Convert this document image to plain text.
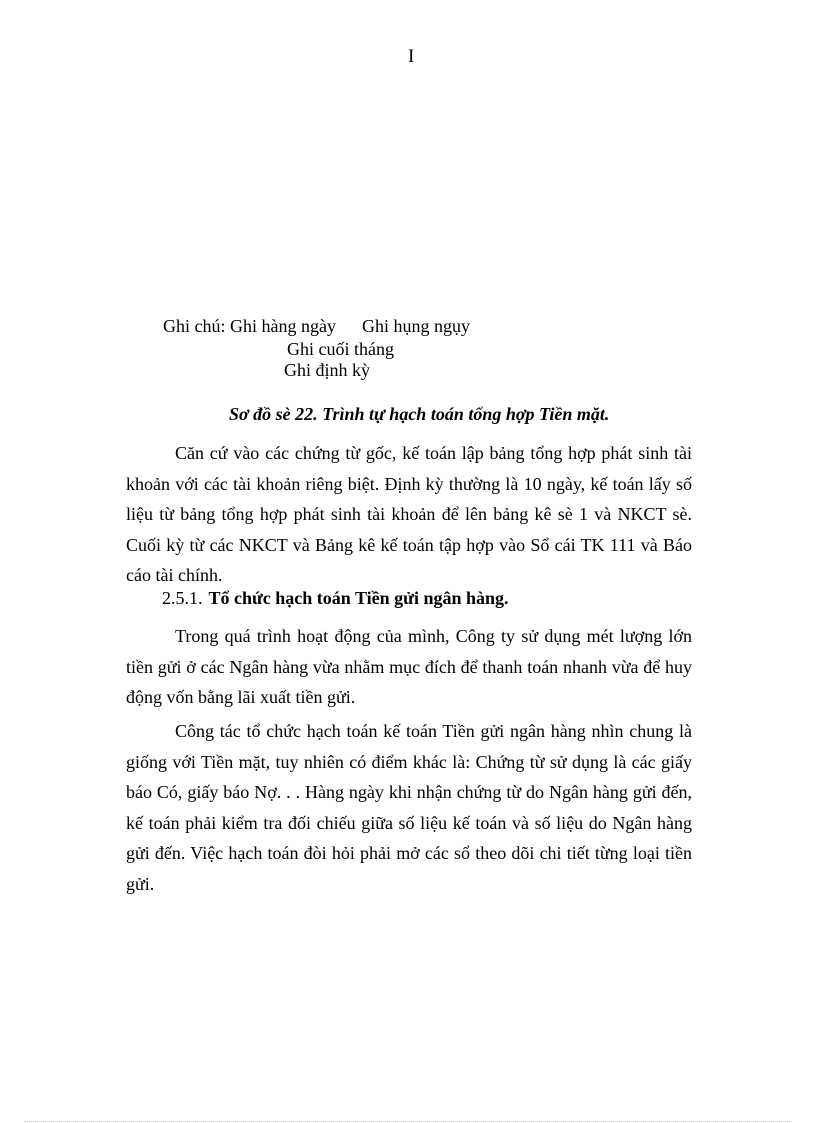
I
Ghi chú: Ghi hàng ngày Ghi hụng ngụy
Ghi cuối tháng
Ghi định kỳ
Sơ đồ sè 22. Trình tự hạch toán tổng hợp Tiền mặt.

Căn cứ vào các chứng từ gốc, kế toán lập bảng tổng hợp phát sinh tài khoản với các tài khoản riêng biệt. Định kỳ thường là 10 ngày, kế toán lấy số liệu từ bảng tổng hợp phát sinh tài khoản để lên bảng kê sè 1 và NKCT sè. Cuối kỳ từ các NKCT và Bảng kê kế toán tập hợp vào Sổ cái TK 111 và Báo cáo tài chính.

2.5.1. Tổ chức hạch toán Tiền gửi ngân hàng.

Trong quá trình hoạt động của mình, Công ty sử dụng mét lượng lớn tiền gửi ở các Ngân hàng vừa nhằm mục đích để thanh toán nhanh vừa để huy động vốn bằng lãi xuất tiền gửi.

Công tác tổ chức hạch toán kế toán Tiền gửi ngân hàng nhìn chung là giống với Tiền mặt, tuy nhiên có điểm khác là: Chứng từ sử dụng là các giấy báo Có, giấy báo Nợ. . . Hàng ngày khi nhận chứng từ do Ngân hàng gửi đến, kế toán phải kiểm tra đối chiếu giữa số liệu kế toán và số liệu do Ngân hàng gửi đến. Việc hạch toán đòi hỏi phải mở các sổ theo dõi chi tiết từng loại tiền gửi.
